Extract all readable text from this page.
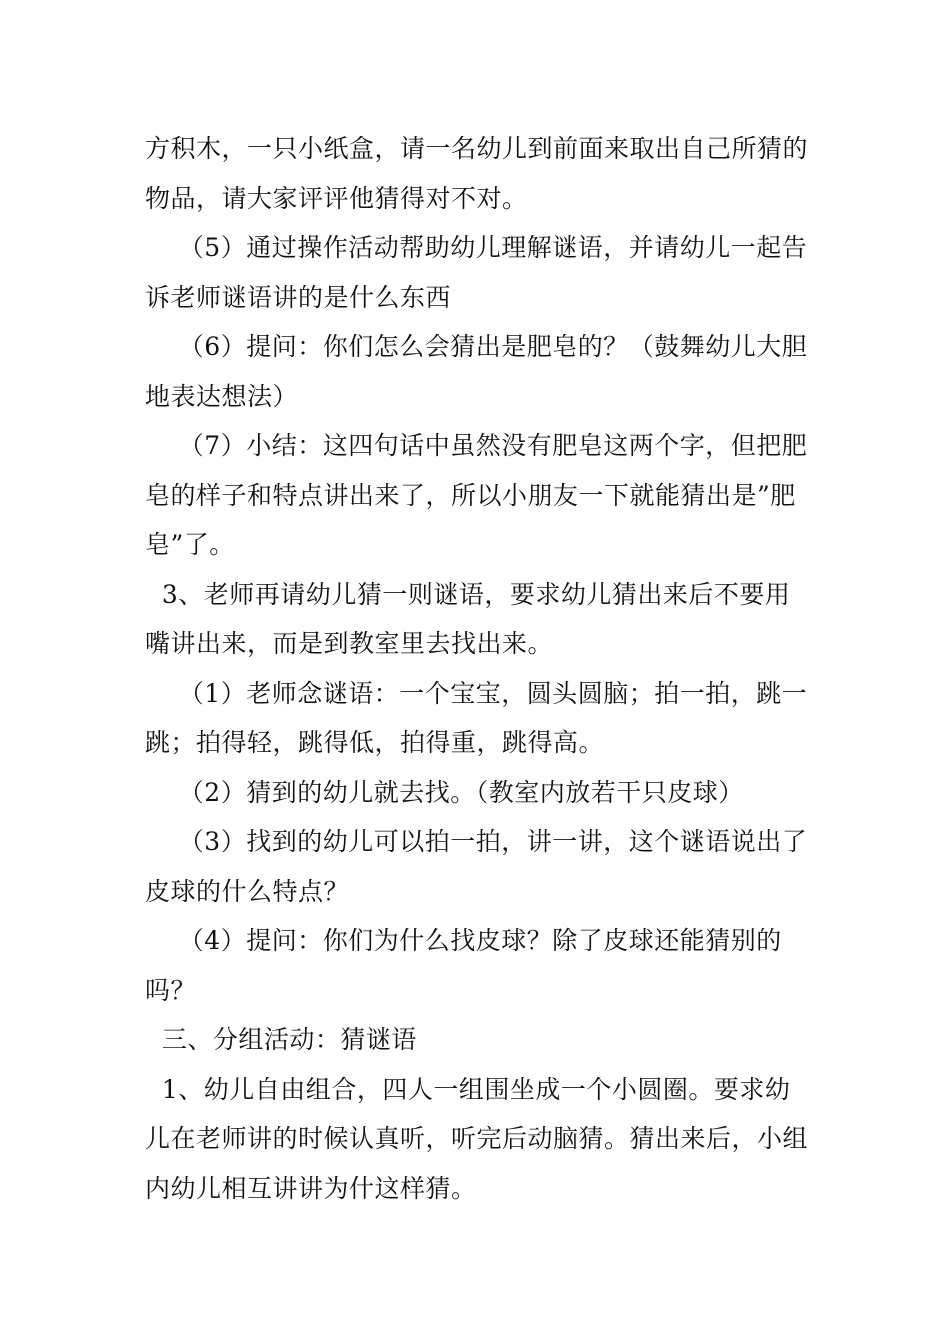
方积木，一只小纸盒，请一名幼儿到前面来取出自己所猜的物品，请大家评评他猜得对不对。

（5）通过操作活动帮助幼儿理解谜语，并请幼儿一起告诉老师谜语讲的是什么东西

（6）提问：你们怎么会猜出是肥皂的？（鼓舞幼儿大胆地表达想法）

（7）小结：这四句话中虽然没有肥皂这两个字，但把肥皂的样子和特点讲出来了，所以小朋友一下就能猜出是”肥皂”了。

3、老师再请幼儿猜一则谜语，要求幼儿猜出来后不要用嘴讲出来，而是到教室里去找出来。

（1）老师念谜语：一个宝宝，圆头圆脑；拍一拍，跳一跳；拍得轻，跳得低，拍得重，跳得高。

（2）猜到的幼儿就去找。（教室内放若干只皮球）

（3）找到的幼儿可以拍一拍，讲一讲，这个谜语说出了皮球的什么特点？

（4）提问：你们为什么找皮球？除了皮球还能猜别的吗？

三、分组活动：猜谜语

1、幼儿自由组合，四人一组围坐成一个小圆圈。要求幼儿在老师讲的时候认真听，听完后动脑猜。猜出来后，小组内幼儿相互讲讲为什这样猜。
